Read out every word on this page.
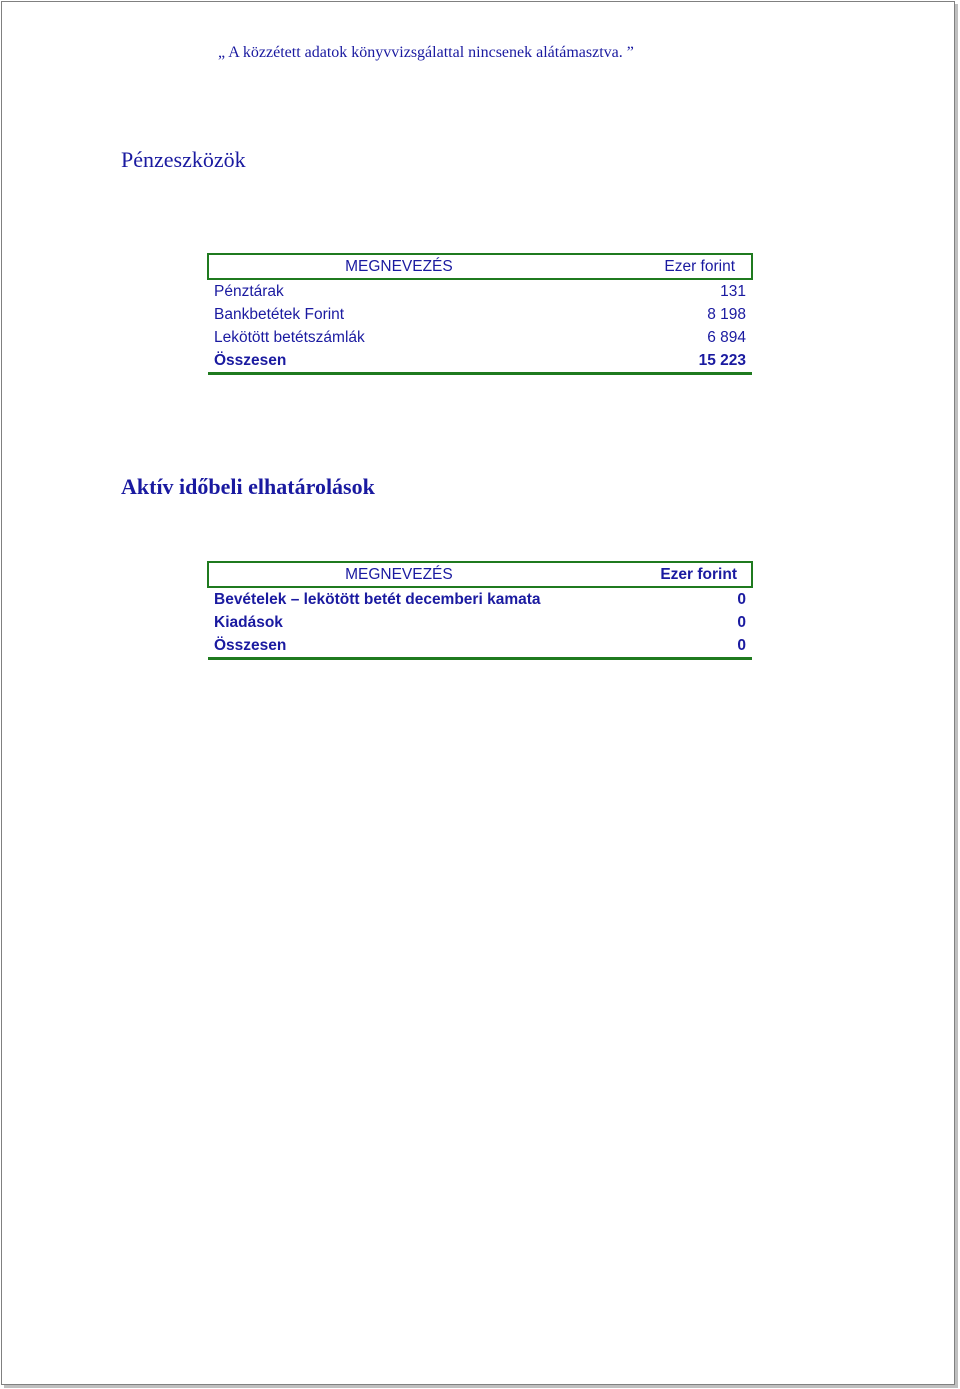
„ A közzétett adatok könyvvizsgálattal nincsenek alátámasztva. ”
Pénzeszközök
MEGNEVEZÉS	Ezer forint
Pénztárak	131
Bankbetétek Forint	8 198
Lekötött betétszámlák	6 894
Összesen	15 223
Aktív időbeli elhatárolások
MEGNEVEZÉS	Ezer forint
Bevételek – lekötött betét decemberi kamata	0
Kiadások	0
Összesen	0
